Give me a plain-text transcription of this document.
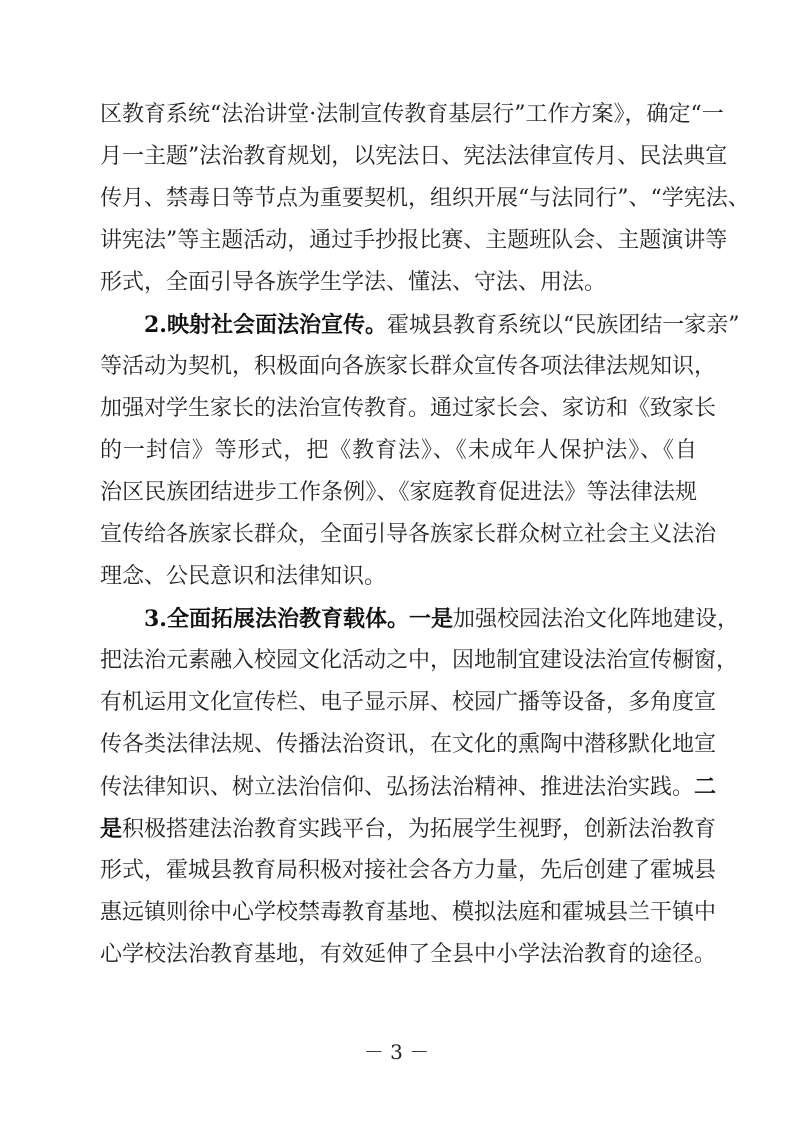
区教育系统“法治讲堂·法制宣传教育基层行”工作方案》，确定“一
月一主题”法治教育规划，以宪法日、宪法法律宣传月、民法典宣
传月、禁毒日等节点为重要契机，组织开展“与法同行”、“学宪法、
讲宪法”等主题活动，通过手抄报比赛、主题班队会、主题演讲等
形式，全面引导各族学生学法、懂法、守法、用法。
2.映射社会面法治宣传。霍城县教育系统以“民族团结一家亲”
等活动为契机，积极面向各族家长群众宣传各项法律法规知识，
加强对学生家长的法治宣传教育。通过家长会、家访和《致家长
的一封信》等形式，把《教育法》、《未成年人保护法》、《自
治区民族团结进步工作条例》、《家庭教育促进法》等法律法规
宣传给各族家长群众，全面引导各族家长群众树立社会主义法治
理念、公民意识和法律知识。
3.全面拓展法治教育载体。一是加强校园法治文化阵地建设，
把法治元素融入校园文化活动之中，因地制宜建设法治宣传橱窗，
有机运用文化宣传栏、电子显示屏、校园广播等设备，多角度宣
传各类法律法规、传播法治资讯，在文化的熏陶中潜移默化地宣
传法律知识、树立法治信仰、弘扬法治精神、推进法治实践。二
是积极搭建法治教育实践平台，为拓展学生视野，创新法治教育
形式，霍城县教育局积极对接社会各方力量，先后创建了霍城县
惠远镇则徐中心学校禁毒教育基地、模拟法庭和霍城县兰干镇中
心学校法治教育基地，有效延伸了全县中小学法治教育的途径。
－ 3 －
